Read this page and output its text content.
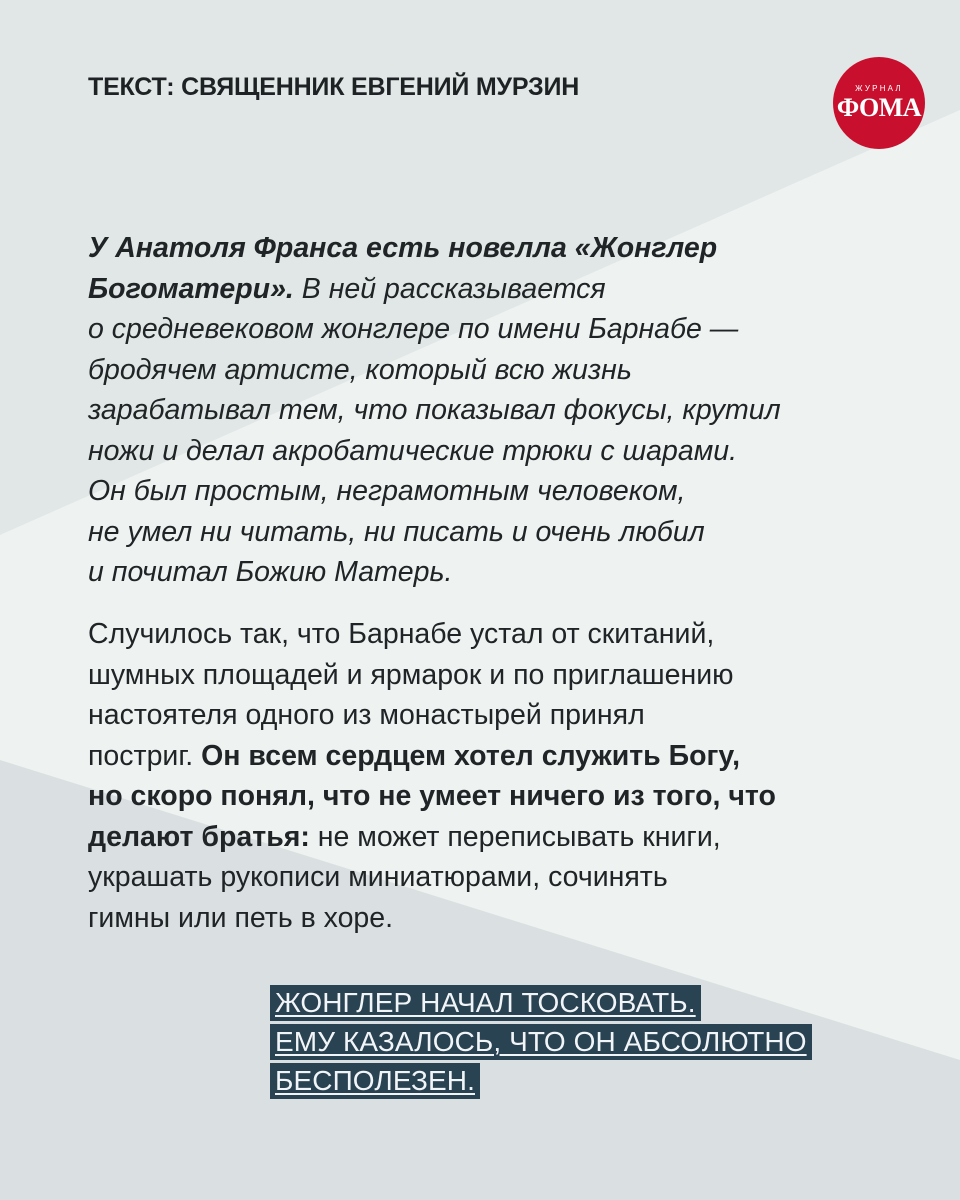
ТЕКСТ: СВЯЩЕННИК ЕВГЕНИЙ МУРЗИН	ЖУРНАЛ
ФОМА

У Анатоля Франса есть новелла «Жонглер
Богоматери». В ней рассказывается
о средневековом жонглере по имени Барнабе —
бродячем артисте, который всю жизнь
зарабатывал тем, что показывал фокусы, крутил
ножи и делал акробатические трюки с шарами.
Он был простым, неграмотным человеком,
не умел ни читать, ни писать и очень любил
и почитал Божию Матерь.

Случилось так, что Барнабе устал от скитаний,
шумных площадей и ярмарок и по приглашению
настоятеля одного из монастырей принял
постриг. Он всем сердцем хотел служить Богу,
но скоро понял, что не умеет ничего из того, что
делают братья: не может переписывать книги,
украшать рукописи миниатюрами, сочинять
гимны или петь в хоре.

ЖОНГЛЕР НАЧАЛ ТОСКОВАТЬ.
ЕМУ КАЗАЛОСЬ, ЧТО ОН АБСОЛЮТНО
БЕСПОЛЕЗЕН.
